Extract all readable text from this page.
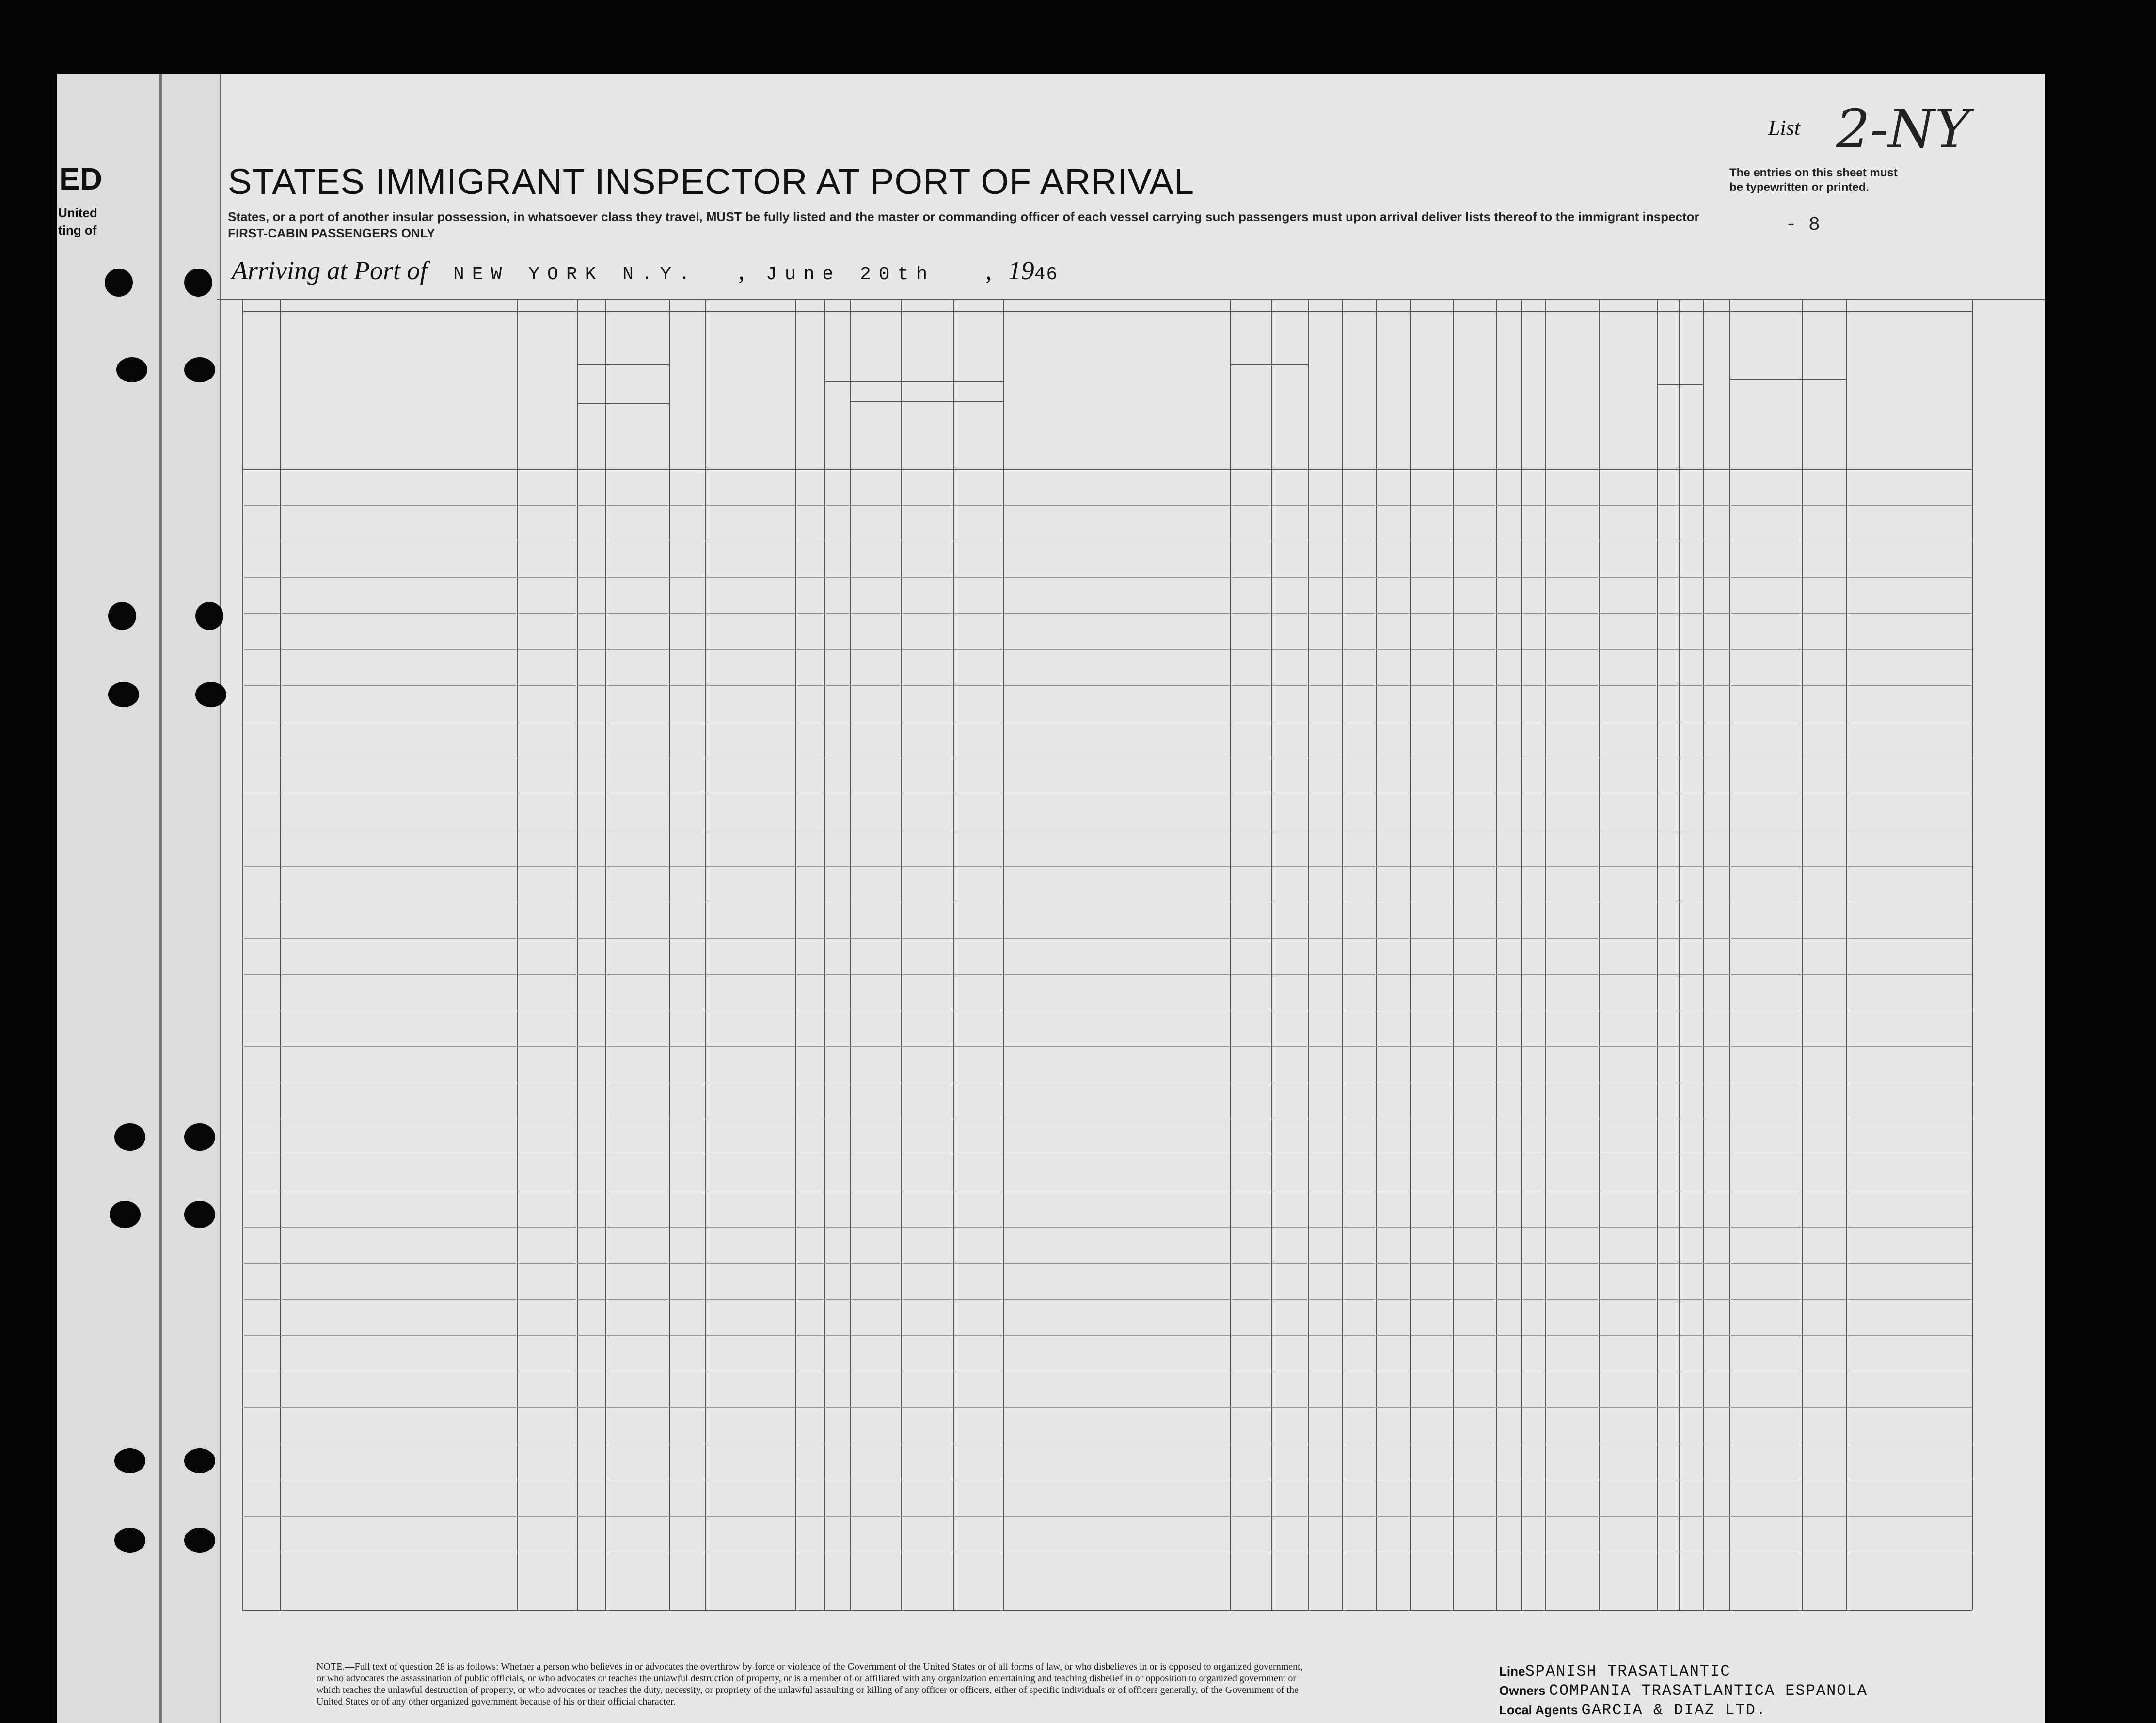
ED
United
ting of
STATES IMMIGRANT INSPECTOR AT PORT OF ARRIVAL
States, or a port of another insular possession, in whatsoever class they travel, MUST be fully listed and the master or commanding officer of each vessel carrying such passengers must upon arrival deliver lists thereof to the immigrant inspector
FIRST-CABIN PASSENGERS ONLY
List 2-NY
The entries on this sheet must
be typewritten or printed.
- 8
Arriving at Port of NEW YORK N.Y. , June 20th , 1946
NOTE.—Full text of question 28 is as follows: Whether a person who believes in or advocates the overthrow by force or violence of the Government of the United States or of all forms of law, or who disbelieves in or is opposed to organized government, or who advocates the assassination of public officials, or who advocates or teaches the unlawful destruction of property, or is a member of or affiliated with any organization entertaining and teaching disbelief in or opposition to organized government or which teaches the unlawful destruction of property, or who advocates or teaches the duty, necessity, or propriety of the unlawful assaulting or killing of any officer or officers, either of specific individuals or of officers generally, of the Government of the United States or of any other organized government because of his or their official character.
LineSPANISH TRASATLANTIC
Owners COMPANIA TRASATLANTICA ESPANOLA
Local Agents GARCIA & DIAZ LTD.
